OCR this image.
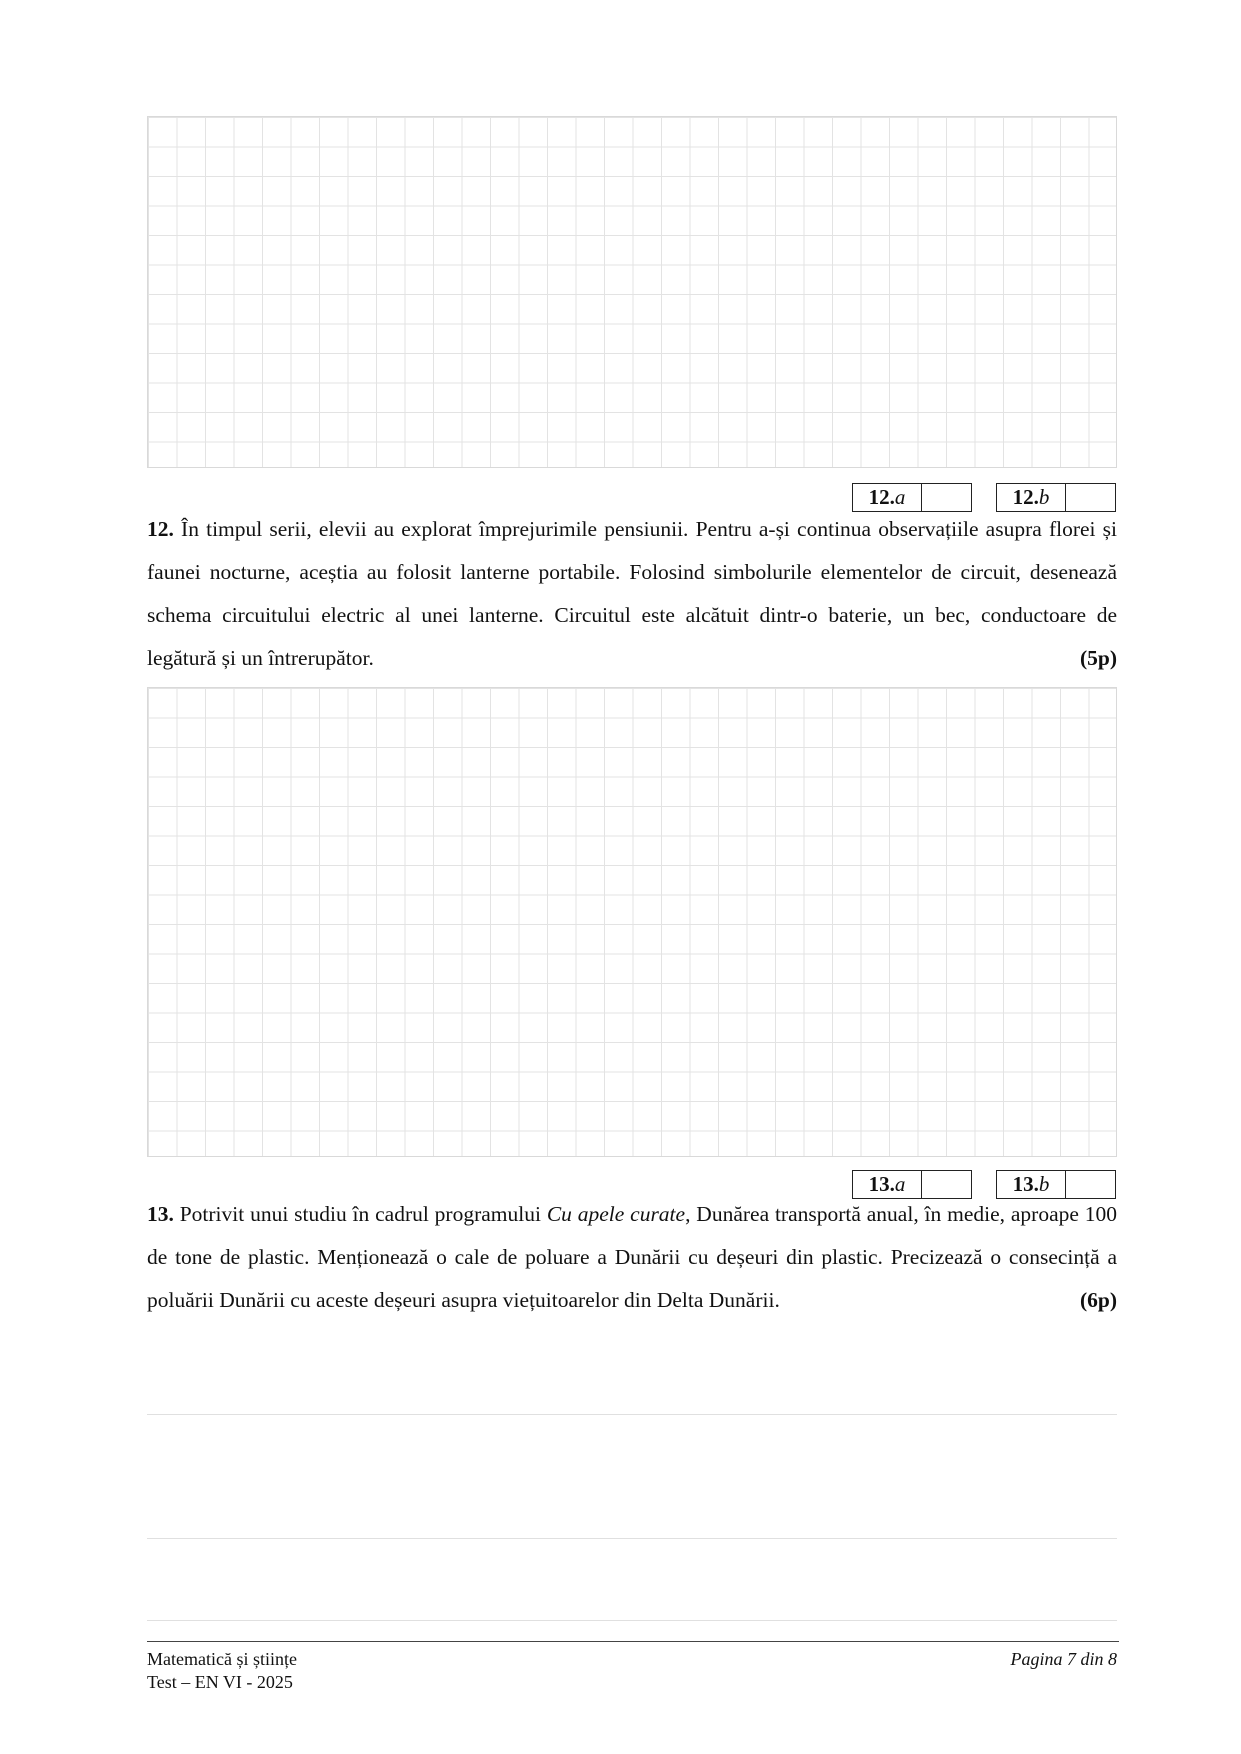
12. a	12. b

12. În timpul serii, elevii au explorat împrejurimile pensiunii. Pentru a-și continua observațiile asupra florei și faunei nocturne, aceștia au folosit lanterne portabile. Folosind simbolurile elementelor de circuit, desenează schema circuitului electric al unei lanterne. Circuitul este alcătuit dintr-o baterie, un bec, conductoare de legătură și un întrerupător.	(5p)

13. a	13. b

13. Potrivit unui studiu în cadrul programului Cu apele curate, Dunărea transportă anual, în medie, aproape 100 de tone de plastic. Menționează o cale de poluare a Dunării cu deșeuri din plastic. Precizează o consecință a poluării Dunării cu aceste deșeuri asupra viețuitoarelor din Delta Dunării.	(6p)

Matematică și științe
Test – EN VI - 2025
Pagina 7 din 8
